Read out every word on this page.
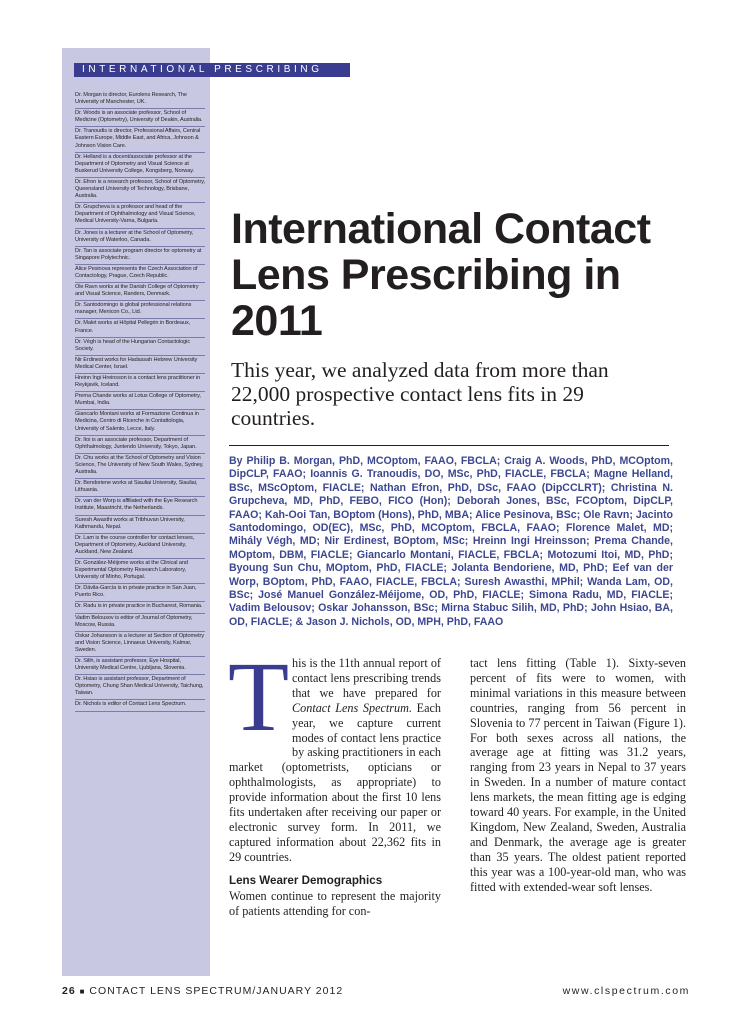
INTERNATIONAL PRESCRIBING
Dr. Morgan is director, Eurolens Research, The University of Manchester, UK.
Dr. Woods is an associate professor, School of Medicine (Optometry), University of Deakin, Australia.
Dr. Tranoudis is director, Professional Affairs, Central Eastern Europe, Middle East, and Africa, Johnson & Johnson Vision Care.
Dr. Helland is a docent/associate professor at the Department of Optometry and Visual Science at Buskerud University College, Kongsberg, Norway.
Dr. Efron is a research professor, School of Optometry, Queensland University of Technology, Brisbane, Australia.
Dr. Grupcheva is a professor and head of the Department of Ophthalmology and Visual Science, Medical University-Varna, Bulgaria.
Dr. Jones is a lecturer at the School of Optometry, University of Waterloo, Canada.
Dr. Tan is associate program director for optometry at Singapore Polytechnic.
Alice Pesinova represents the Czech Association of Contactology, Prague, Czech Republic.
Ole Ravn works at the Danish College of Optometry and Visual Science, Randers, Denmark.
Dr. Santodomingo is global professional relations manager, Menicon Co., Ltd.
Dr. Malet works at Hôpital Pellegrin in Bordeaux, France.
Dr. Végh is head of the Hungarian Contactologic Society.
Nir Erdinest works for Hadassah Hebrew University Medical Center, Israel.
Hreinn Ingi Hreinsson is a contact lens practitioner in Reykjavik, Iceland.
Prema Chande works at Lotus College of Optometry, Mumbai, India.
Giancarlo Montani works at Formazione Continua in Medicina, Centro di Ricerche in Contattologia, University of Salento, Lecce, Italy.
Dr. Itoi is an associate professor, Department of Ophthalmology, Juntendo University, Tokyo, Japan.
Dr. Chu works at the School of Optometry and Vision Science, The University of New South Wales, Sydney, Australia.
Dr. Bendoriene works at Siauliai University, Siauliai, Lithuania.
Dr. van der Worp is affiliated with the Eye Research Institute, Maastricht, the Netherlands.
Suresh Awasthi works at Tribhuvan University, Kathmandu, Nepal.
Dr. Lam is the course controller for contact lenses, Department of Optometry, Auckland University, Auckland, New Zealand.
Dr. González-Méijome works at the Clinical and Experimental Optometry Research Laboratory, University of Minho, Portugal.
Dr. Dávila-García is in private practice in San Juan, Puerto Rico.
Dr. Radu is in private practice in Bucharest, Romania.
Vadim Belousov is editor of Journal of Optometry, Moscow, Russia.
Oskar Johansson is a lecturer at Section of Optometry and Vision Science, Linnaeus University, Kalmar, Sweden.
Dr. Silih, is assistant professor, Eye Hospital, University Medical Centre, Ljubljana, Slovenia.
Dr. Hsiao is assistant professor, Department of Optometry, Chung Shan Medical University, Taichung, Taiwan.
Dr. Nichols is editor of Contact Lens Spectrum.
International Contact Lens Prescribing in 2011
This year, we analyzed data from more than 22,000 prospective contact lens fits in 29 countries.
By Philip B. Morgan, PhD, MCOptom, FAAO, FBCLA; Craig A. Woods, PhD, MCOptom, DipCLP, FAAO; Ioannis G. Tranoudis, DO, MSc, PhD, FIACLE, FBCLA; Magne Helland, BSc, MScOptom, FIACLE; Nathan Efron, PhD, DSc, FAAO (DipCCLRT); Christina N. Grupcheva, MD, PhD, FEBO, FICO (Hon); Deborah Jones, BSc, FCOptom, DipCLP, FAAO; Kah-Ooi Tan, BOptom (Hons), PhD, MBA; Alice Pesinova, BSc; Ole Ravn; Jacinto Santodomingo, OD(EC), MSc, PhD, MCOptom, FBCLA, FAAO; Florence Malet, MD; Mihály Végh, MD; Nir Erdinest, BOptom, MSc; Hreinn Ingi Hreinsson; Prema Chande, MOptom, DBM, FIACLE; Giancarlo Montani, FIACLE, FBCLA; Motozumi Itoi, MD, PhD; Byoung Sun Chu, MOptom, PhD, FIACLE; Jolanta Bendoriene, MD, PhD; Eef van der Worp, BOptom, PhD, FAAO, FIACLE, FBCLA; Suresh Awasthi, MPhil; Wanda Lam, OD, BSc; José Manuel González-Méijome, OD, PhD, FIACLE; Simona Radu, MD, FIACLE; Vadim Belousov; Oskar Johansson, BSc; Mirna Stabuc Silih, MD, PhD; John Hsiao, BA, OD, FIACLE; & Jason J. Nichols, OD, MPH, PhD, FAAO
This is the 11th annual report of contact lens prescribing trends that we have prepared for Contact Lens Spectrum. Each year, we capture current modes of contact lens practice by asking practitioners in each market (optometrists, opticians or ophthalmologists, as appropriate) to provide information about the first 10 lens fits undertaken after receiving our paper or electronic survey form. In 2011, we captured information about 22,362 fits in 29 countries.
Lens Wearer Demographics
Women continue to represent the majority of patients attending for con-
tact lens fitting (Table 1). Sixty-seven percent of fits were to women, with minimal variations in this measure between countries, ranging from 56 percent in Slovenia to 77 percent in Taiwan (Figure 1). For both sexes across all nations, the average age at fitting was 31.2 years, ranging from 23 years in Nepal to 37 years in Sweden. In a number of mature contact lens markets, the mean fitting age is edging toward 40 years. For example, in the United Kingdom, New Zealand, Sweden, Australia and Denmark, the average age is greater than 35 years. The oldest patient reported this year was a 100-year-old man, who was fitted with extended-wear soft lenses.
26 ■ CONTACT LENS SPECTRUM/JANUARY 2012	www.clspectrum.com
